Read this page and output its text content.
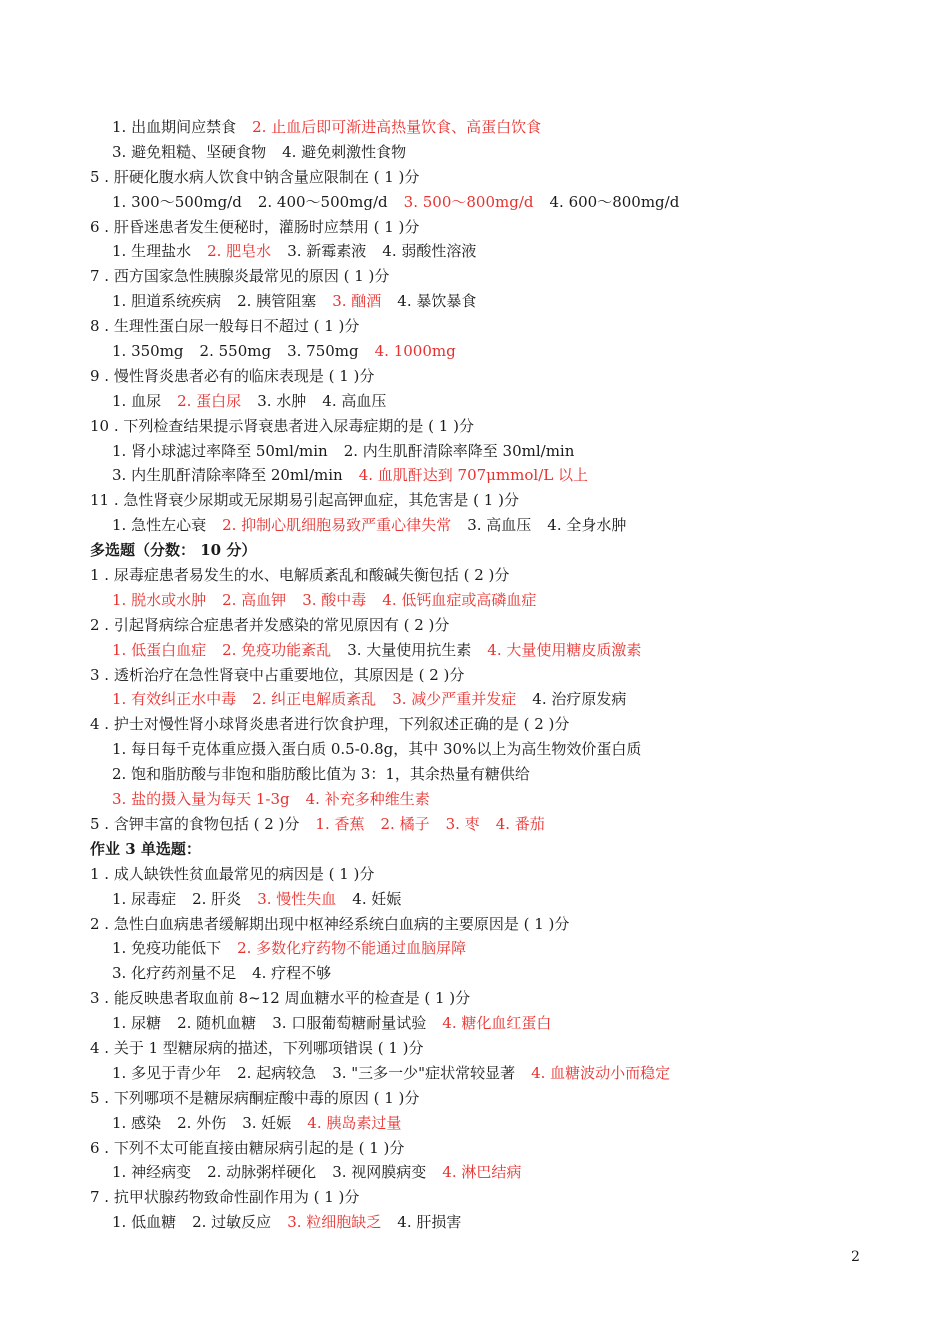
1. 出血期间应禁食 2. 止血后即可渐进高热量饮食、高蛋白饮食
3. 避免粗糙、坚硬食物 4. 避免刺激性食物
5 . 肝硬化腹水病人饮食中钠含量应限制在 ( 1 )分
1. 300～500mg/d 2. 400～500mg/d 3. 500～800mg/d 4. 600～800mg/d
6 . 肝昏迷患者发生便秘时，灌肠时应禁用 ( 1 )分
1. 生理盐水 2. 肥皂水 3. 新霉素液 4. 弱酸性溶液
7 . 西方国家急性胰腺炎最常见的原因 ( 1 )分
1. 胆道系统疾病 2. 胰管阻塞 3. 酗酒 4. 暴饮暴食
8 . 生理性蛋白尿一般每日不超过 ( 1 )分
1. 350mg 2. 550mg 3. 750mg 4. 1000mg
9 . 慢性肾炎患者必有的临床表现是 ( 1 )分
1. 血尿 2. 蛋白尿 3. 水肿 4. 高血压
10 . 下列检查结果提示肾衰患者进入尿毒症期的是 ( 1 )分
1. 肾小球滤过率降至 50ml/min 2. 内生肌酐清除率降至 30ml/min
3. 内生肌酐清除率降至 20ml/min 4. 血肌酐达到 707μmmol/L 以上
11 . 急性肾衰少尿期或无尿期易引起高钾血症，其危害是 ( 1 )分
1. 急性左心衰 2. 抑制心肌细胞易致严重心律失常 3. 高血压 4. 全身水肿
多选题（分数： 10 分）
1 . 尿毒症患者易发生的水、电解质紊乱和酸碱失衡包括 ( 2 )分
1. 脱水或水肿 2. 高血钾 3. 酸中毒 4. 低钙血症或高磷血症
2 . 引起肾病综合症患者并发感染的常见原因有 ( 2 )分
1. 低蛋白血症 2. 免疫功能紊乱 3. 大量使用抗生素 4. 大量使用糖皮质激素
3 . 透析治疗在急性肾衰中占重要地位，其原因是 ( 2 )分
1. 有效纠正水中毒 2. 纠正电解质紊乱 3. 减少严重并发症 4. 治疗原发病
4 . 护士对慢性肾小球肾炎患者进行饮食护理，下列叙述正确的是 ( 2 )分
1. 每日每千克体重应摄入蛋白质 0.5-0.8g，其中 30%以上为高生物效价蛋白质
2. 饱和脂肪酸与非饱和脂肪酸比值为 3：1，其余热量有糖供给
3. 盐的摄入量为每天 1-3g 4. 补充多种维生素
5 . 含钾丰富的食物包括 ( 2 )分 1. 香蕉 2. 橘子 3. 枣 4. 番茄
作业 3 单选题：
1 . 成人缺铁性贫血最常见的病因是 ( 1 )分
1. 尿毒症 2. 肝炎 3. 慢性失血 4. 妊娠
2 . 急性白血病患者缓解期出现中枢神经系统白血病的主要原因是 ( 1 )分
1. 免疫功能低下 2. 多数化疗药物不能通过血脑屏障
3. 化疗药剂量不足 4. 疗程不够
3 . 能反映患者取血前 8~12 周血糖水平的检查是 ( 1 )分
1. 尿糖 2. 随机血糖 3. 口服葡萄糖耐量试验 4. 糖化血红蛋白
4 . 关于 1 型糖尿病的描述，下列哪项错误 ( 1 )分
1. 多见于青少年 2. 起病较急 3. "三多一少"症状常较显著 4. 血糖波动小而稳定
5 . 下列哪项不是糖尿病酮症酸中毒的原因 ( 1 )分
1. 感染 2. 外伤 3. 妊娠 4. 胰岛素过量
6 . 下列不太可能直接由糖尿病引起的是 ( 1 )分
1. 神经病变 2. 动脉粥样硬化 3. 视网膜病变 4. 淋巴结病
7 . 抗甲状腺药物致命性副作用为 ( 1 )分
1. 低血糖 2. 过敏反应 3. 粒细胞缺乏 4. 肝损害
2
